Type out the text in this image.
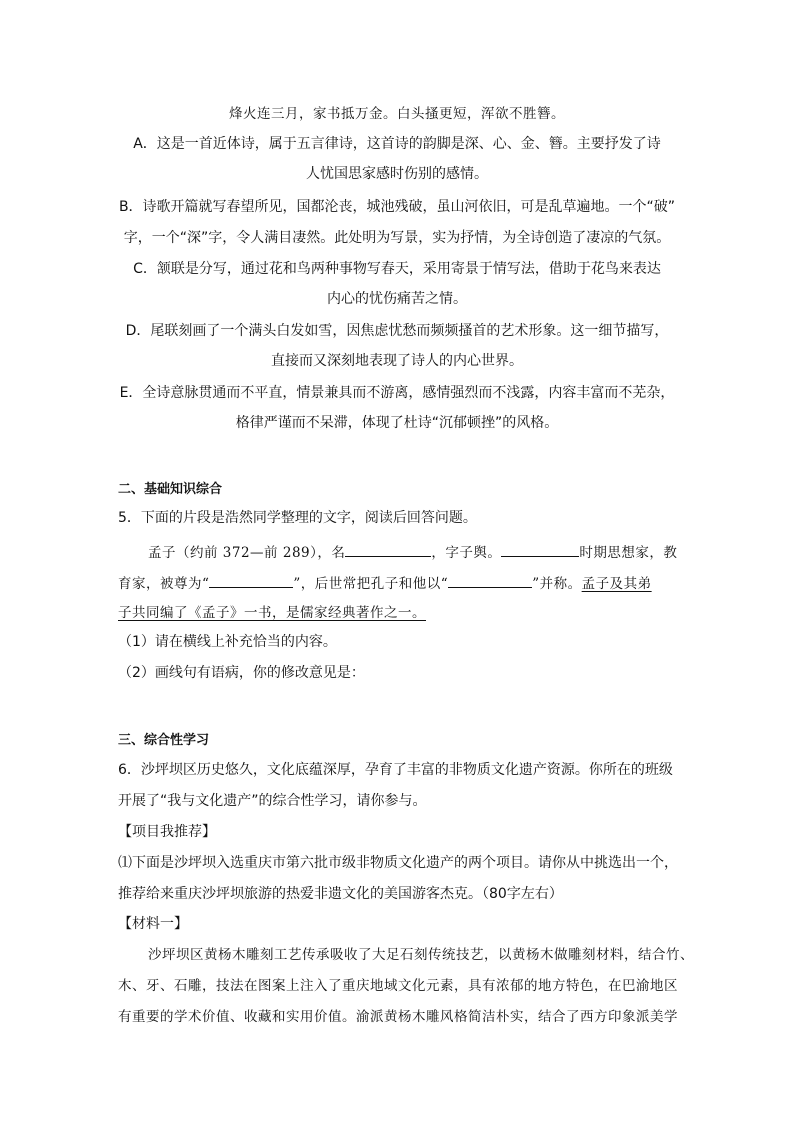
烽火连三月，家书抵万金。白头搔更短，浑欲不胜簪。
A．这是一首近体诗，属于五言律诗，这首诗的韵脚是深、心、金、簪。主要抒发了诗
人忧国思家感时伤别的感情。
B．诗歌开篇就写春望所见，国都沦丧，城池残破，虽山河依旧，可是乱草遍地。一个“破”
字，一个“深”字，令人满目凄然。此处明为写景，实为抒情，为全诗创造了凄凉的气氛。
C．颔联是分写，通过花和鸟两种事物写春天，采用寄景于情写法，借助于花鸟来表达
内心的忧伤痛苦之情。
D．尾联刻画了一个满头白发如雪，因焦虑忧愁而频频搔首的艺术形象。这一细节描写，
直接而又深刻地表现了诗人的内心世界。
E．全诗意脉贯通而不平直，情景兼具而不游离，感情强烈而不浅露，内容丰富而不芜杂，
格律严谨而不呆滞，体现了杜诗“沉郁顿挫”的风格。
二、基础知识综合
5．下面的片段是浩然同学整理的文字，阅读后回答问题。
孟子（约前 372—前 289），名	，字子舆。	时期思想家，教
育家，被尊为“	”，后世常把孔子和他以“	”并称。孟子及其弟
子共同编了《孟子》一书，是儒家经典著作之一。
（1）请在横线上补充恰当的内容。
（2）画线句有语病，你的修改意见是：
三、综合性学习
6．沙坪坝区历史悠久，文化底蕴深厚，孕育了丰富的非物质文化遗产资源。你所在的班级
开展了“我与文化遗产”的综合性学习，请你参与。
【项目我推荐】
⑴下面是沙坪坝入选重庆市第六批市级非物质文化遗产的两个项目。请你从中挑选出一个，
推荐给来重庆沙坪坝旅游的热爱非遗文化的美国游客杰克。（80字左右）
【材料一】
沙坪坝区黄杨木雕刻工艺传承吸收了大足石刻传统技艺，以黄杨木做雕刻材料，结合竹、
木、牙、石雕，技法在图案上注入了重庆地域文化元素，具有浓郁的地方特色，在巴渝地区
有重要的学术价值、收藏和实用价值。渝派黄杨木雕风格简洁朴实，结合了西方印象派美学
